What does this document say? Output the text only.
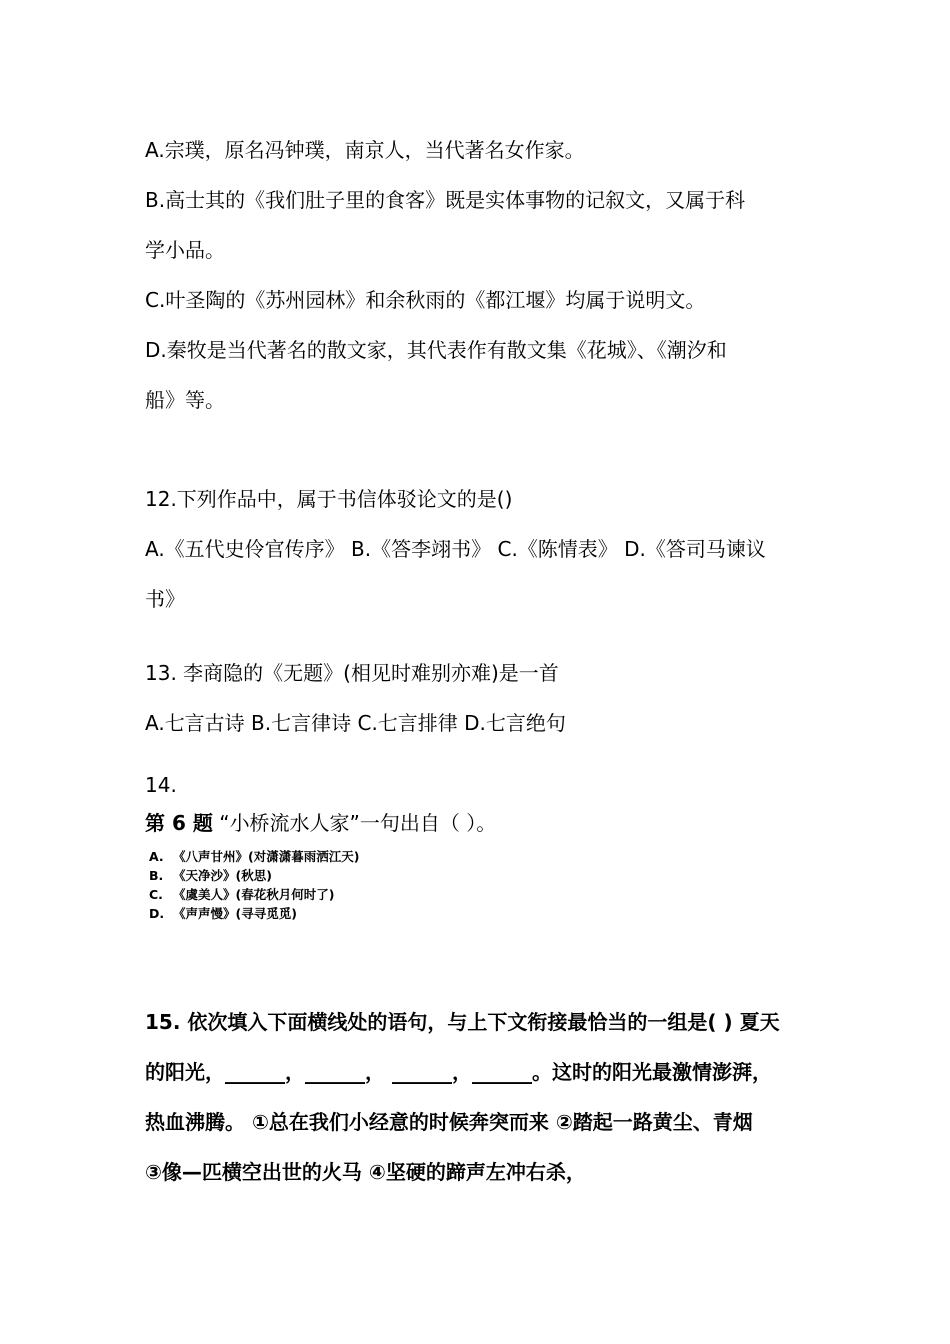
A.宗璞，原名冯钟璞，南京人，当代著名女作家。
B.高士其的《我们肚子里的食客》既是实体事物的记叙文，又属于科
学小品。
C.叶圣陶的《苏州园林》和余秋雨的《都江堰》均属于说明文。
D.秦牧是当代著名的散文家，其代表作有散文集《花城》、《潮汐和
船》等。
12.下列作品中，属于书信体驳论文的是()
A.《五代史伶官传序》 B.《答李翊书》 C.《陈情表》 D.《答司马谏议
书》
13. 李商隐的《无题》(相见时难别亦难)是一首
A.七言古诗 B.七言律诗 C.七言排律 D.七言绝句
14.
第 6 题 “小桥流水人家”一句出自（ ）。
A. 《八声甘州》(对潇潇暮雨洒江天)
B. 《天净沙》(秋思)
C. 《虞美人》(春花秋月何时了)
D. 《声声慢》(寻寻觅觅)
15. 依次填入下面横线处的语句，与上下文衔接最恰当的一组是( ) 夏天
的阳光，______，______， ______，______。这时的阳光最激情澎湃，
热血沸腾。 ①总在我们小经意的时候奔突而来 ②踏起一路黄尘、青烟
③像—匹横空出世的火马 ④坚硬的蹄声左冲右杀，
